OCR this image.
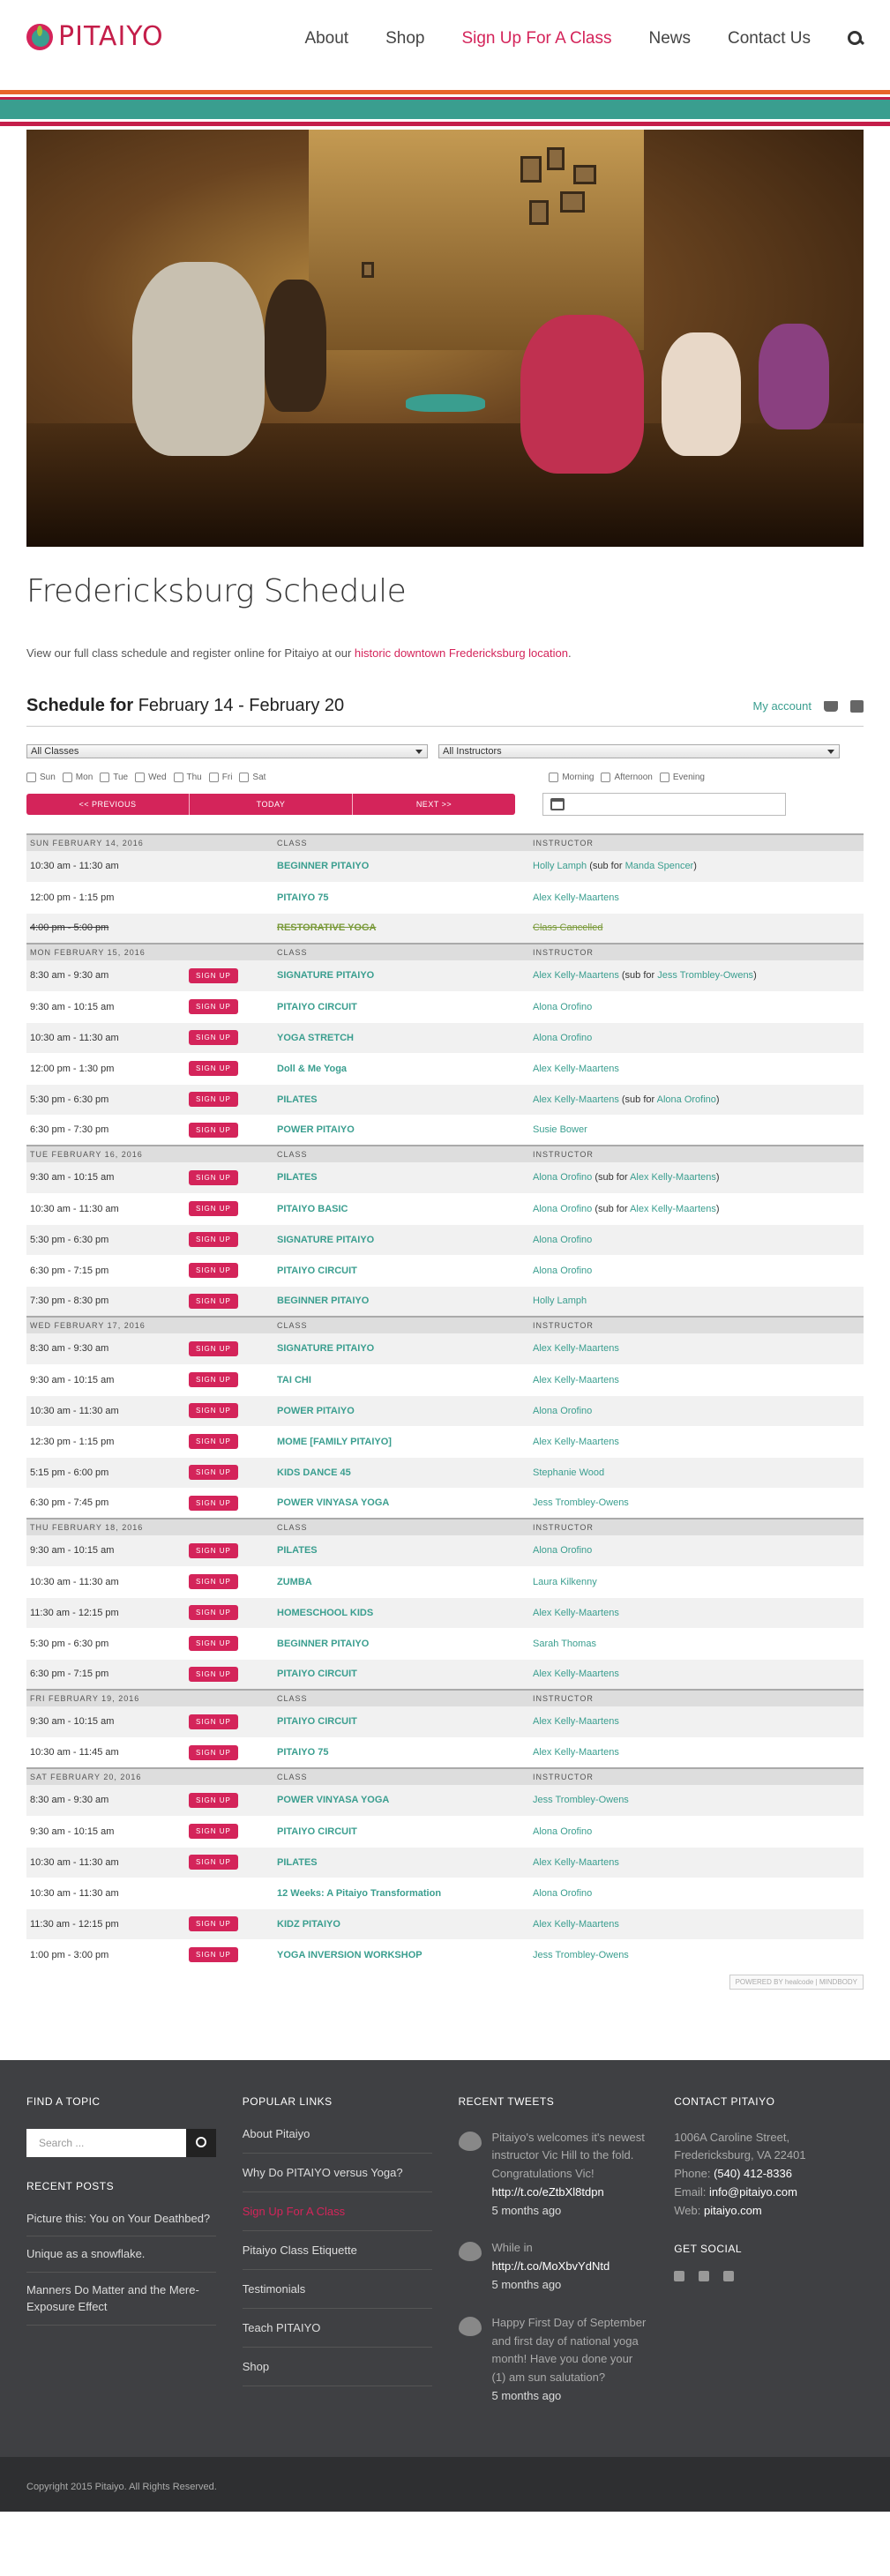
PITAIYO	About Shop Sign Up For A Class News Contact Us
Fredericksburg Schedule

View our full class schedule and register online for Pitaiyo at our historic downtown Fredericksburg location.

Schedule for February 14 - February 20	My account
All Classes	All Instructors
Sun Mon Tue Wed Thu Fri Sat	Morning Afternoon Evening
<< PREVIOUS	TODAY	NEXT >>
SUN FEBRUARY 14, 2016		CLASS	INSTRUCTOR
10:30 am - 11:30 am		BEGINNER PITAIYO	Holly Lamph (sub for Manda Spencer)
12:00 pm - 1:15 pm		PITAIYO 75	Alex Kelly-Maartens
4:00 pm - 5:00 pm		RESTORATIVE YOGA	Class Cancelled
MON FEBRUARY 15, 2016		CLASS	INSTRUCTOR
8:30 am - 9:30 am	SIGN UP	SIGNATURE PITAIYO	Alex Kelly-Maartens (sub for Jess Trombley-Owens)
9:30 am - 10:15 am	SIGN UP	PITAIYO CIRCUIT	Alona Orofino
10:30 am - 11:30 am	SIGN UP	YOGA STRETCH	Alona Orofino
12:00 pm - 1:30 pm	SIGN UP	Doll & Me Yoga	Alex Kelly-Maartens
5:30 pm - 6:30 pm	SIGN UP	PILATES	Alex Kelly-Maartens (sub for Alona Orofino)
6:30 pm - 7:30 pm	SIGN UP	POWER PITAIYO	Susie Bower
TUE FEBRUARY 16, 2016		CLASS	INSTRUCTOR
9:30 am - 10:15 am	SIGN UP	PILATES	Alona Orofino (sub for Alex Kelly-Maartens)
10:30 am - 11:30 am	SIGN UP	PITAIYO BASIC	Alona Orofino (sub for Alex Kelly-Maartens)
5:30 pm - 6:30 pm	SIGN UP	SIGNATURE PITAIYO	Alona Orofino
6:30 pm - 7:15 pm	SIGN UP	PITAIYO CIRCUIT	Alona Orofino
7:30 pm - 8:30 pm	SIGN UP	BEGINNER PITAIYO	Holly Lamph
WED FEBRUARY 17, 2016		CLASS	INSTRUCTOR
8:30 am - 9:30 am	SIGN UP	SIGNATURE PITAIYO	Alex Kelly-Maartens
9:30 am - 10:15 am	SIGN UP	TAI CHI	Alex Kelly-Maartens
10:30 am - 11:30 am	SIGN UP	POWER PITAIYO	Alona Orofino
12:30 pm - 1:15 pm	SIGN UP	MOME [FAMILY PITAIYO]	Alex Kelly-Maartens
5:15 pm - 6:00 pm	SIGN UP	KIDS DANCE 45	Stephanie Wood
6:30 pm - 7:45 pm	SIGN UP	POWER VINYASA YOGA	Jess Trombley-Owens
THU FEBRUARY 18, 2016		CLASS	INSTRUCTOR
9:30 am - 10:15 am	SIGN UP	PILATES	Alona Orofino
10:30 am - 11:30 am	SIGN UP	ZUMBA	Laura Kilkenny
11:30 am - 12:15 pm	SIGN UP	HOMESCHOOL KIDS	Alex Kelly-Maartens
5:30 pm - 6:30 pm	SIGN UP	BEGINNER PITAIYO	Sarah Thomas
6:30 pm - 7:15 pm	SIGN UP	PITAIYO CIRCUIT	Alex Kelly-Maartens
FRI FEBRUARY 19, 2016		CLASS	INSTRUCTOR
9:30 am - 10:15 am	SIGN UP	PITAIYO CIRCUIT	Alex Kelly-Maartens
10:30 am - 11:45 am	SIGN UP	PITAIYO 75	Alex Kelly-Maartens
SAT FEBRUARY 20, 2016		CLASS	INSTRUCTOR
8:30 am - 9:30 am	SIGN UP	POWER VINYASA YOGA	Jess Trombley-Owens
9:30 am - 10:15 am	SIGN UP	PITAIYO CIRCUIT	Alona Orofino
10:30 am - 11:30 am	SIGN UP	PILATES	Alex Kelly-Maartens
10:30 am - 11:30 am		12 Weeks: A Pitaiyo Transformation	Alona Orofino
11:30 am - 12:15 pm	SIGN UP	KIDZ PITAIYO	Alex Kelly-Maartens
1:00 pm - 3:00 pm	SIGN UP	YOGA INVERSION WORKSHOP	Jess Trombley-Owens
POWERED BY healcode | MINDBODY
FIND A TOPIC
Search ...
RECENT POSTS
Picture this: You on Your Deathbed?
Unique as a snowflake.
Manners Do Matter and the Mere-Exposure Effect
POPULAR LINKS
About Pitaiyo
Why Do PITAIYO versus Yoga?
Sign Up For A Class
Pitaiyo Class Etiquette
Testimonials
Teach PITAIYO
Shop
RECENT TWEETS
Pitaiyo's welcomes it's newest instructor Vic Hill to the fold. Congratulations Vic! http://t.co/eZtbXl8tdpn
5 months ago
While in
http://t.co/MoXbvYdNtd
5 months ago
Happy First Day of September and first day of national yoga month! Have you done your (1) am sun salutation?
5 months ago
CONTACT PITAIYO
1006A Caroline Street,
Fredericksburg, VA 22401
Phone: (540) 412-8336
Email: info@pitaiyo.com
Web: pitaiyo.com
GET SOCIAL
Copyright 2015 Pitaiyo. All Rights Reserved.
